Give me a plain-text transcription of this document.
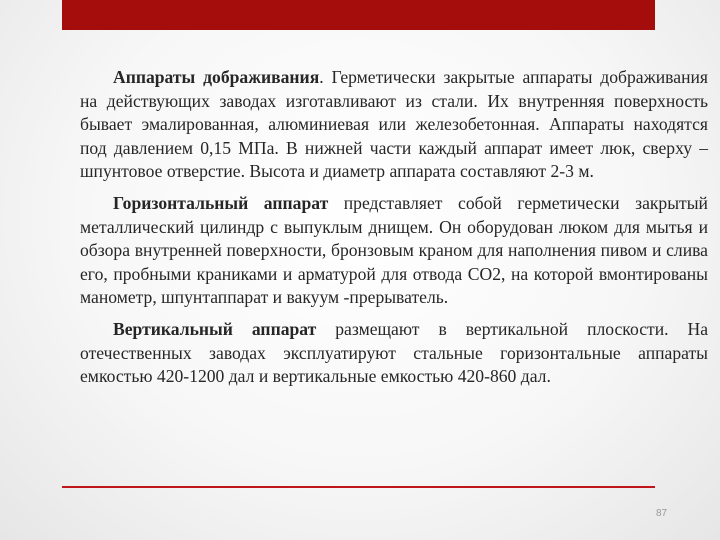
Аппараты дображивания. Герметически закрытые аппараты дображивания на действующих заводах изготавливают из стали. Их внутренняя поверхность бывает эмалированная, алюминиевая или железобетонная. Аппараты находятся под давлением 0,15 МПа. В нижней части каждый аппарат имеет люк, сверху – шпунтовое отверстие. Высота и диаметр аппарата составляют 2-3 м.

Горизонтальный аппарат представляет собой герметически закрытый металлический цилиндр с выпуклым днищем. Он оборудован люком для мытья и обзора внутренней поверхности, бронзовым краном для наполнения пивом и слива его, пробными краниками и арматурой для отвода СО2, на которой вмонтированы манометр, шпунтаппарат и вакуум -прерыватель.

Вертикальный аппарат размещают в вертикальной плоскости. На отечественных заводах эксплуатируют стальные горизонтальные аппараты емкостью 420-1200 дал и вертикальные емкостью 420-860 дал.

87
